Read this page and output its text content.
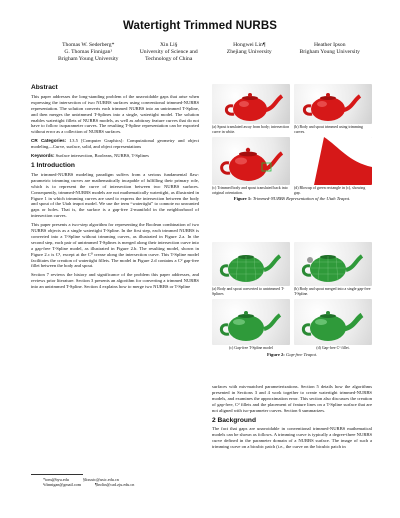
Watertight Trimmed NURBS
Thomas W. Sederberg*
G. Thomas Finnigan¹
Brigham Young University
Xin Li§
University of Science and Technology of China
Hongwei Lin¶
Zhejiang University
Heather Ipson
Brigham Young University
Abstract

This paper addresses the long-standing problem of the unavoidable gaps that arise when expressing the intersection of two NURBS surfaces using conventional trimmed-NURBS representation. The solution converts each trimmed NURBS into an untrimmed T-Spline, and then merges the untrimmed T-Splines into a single, watertight model. The solution enables watertight fillets of NURBS models, as well as arbitrary feature curves that do not have to follow isoparameter curves. The resulting T-Spline representation can be exported without error as a collection of NURBS surfaces.

CR Categories: I.3.5 [Computer Graphics]: Computational geometry and object modeling—Curve, surface, solid, and object representations

Keywords: Surface intersection, Booleans, NURBS, T-Splines

1 Introduction

The trimmed-NURBS modeling paradigm suffers from a serious fundamental flaw: parametric trimming curves are mathematically incapable of fulfilling their primary role, which is to represent the curve of intersection between two NURBS surfaces. Consequently, trimmed-NURBS models are not mathematically watertight, as illustrated in Figure 1 in which trimming curves are used to express the intersection between the body and spout of the Utah teapot model. We use the term “watertight” to connote no unwanted gaps or holes. That is, the surface is a gap-free 2-manifold in the neighborhood of intersection curves.

This paper presents a two-step algorithm for representing the Boolean combination of two NURBS objects as a single watertight T-Spline. In the first step, each trimmed NURBS is converted into a T-Spline without trimming curves, as illustrated in Figure 2.a. In the second step, each pair of untrimmed T-Splines is merged along their intersection curve into a gap-free T-Spline model, as illustrated in Figure 2.b. The resulting model, shown in Figure 2.c is C², except at the C⁰ crease along the intersection curve. This T-Spline model facilitates the creation of watertight fillets. The model in Figure 2.d contains a C² gap-free fillet between the body and spout.

Section 7 reviews the history and significance of the problem this paper addresses, and reviews prior literature. Section 3 presents an algorithm for converting a trimmed NURBS into an untrimmed T-Spline. Section 4 explains how to merge two NURBS or T-Spline

*tom@byu.edu	§lixustc@ustc.edu.cn
¹tfinnigan@gmail.com	¶hwlin@cad.zju.edu.cn
(a) Spout translated away from body; intersection curve in white.
(b) Body and spout trimmed using trimming curves.
(c) Trimmed body and spout translated back into original orientation.
(d) Blowup of green rectangle in (c), showing gap.
Figure 1: Trimmed-NURBS Representation of the Utah Teapot.
(a) Body and spout converted to untrimmed T-Splines
(b) Body and spout merged into a single gap-free T-Spline.
(c) Gap-free T-Spline model	(d) Gap-free C² fillet.
Figure 2: Gap-free Teapot.

surfaces with mis-matched parameterizations. Section 5 details how the algorithms presented in Sections 3 and 4 work together to create watertight trimmed-NURBS models, and examines the approximation error. This section also discusses the creation of gap-free, C² fillets and the placement of feature lines on a T-Spline surface that are not aligned with iso-parameter curves. Section 6 summarizes.

2 Background

The fact that gaps are unavoidable in conventional trimmed-NURBS mathematical models can be shown as follows. A trimming curve is typically a degree-three NURBS curve defined in the parameter domain of a NURBS surface. The image of such a trimming curve on a bicubic patch (i.e., the curve on the bicubic patch in
